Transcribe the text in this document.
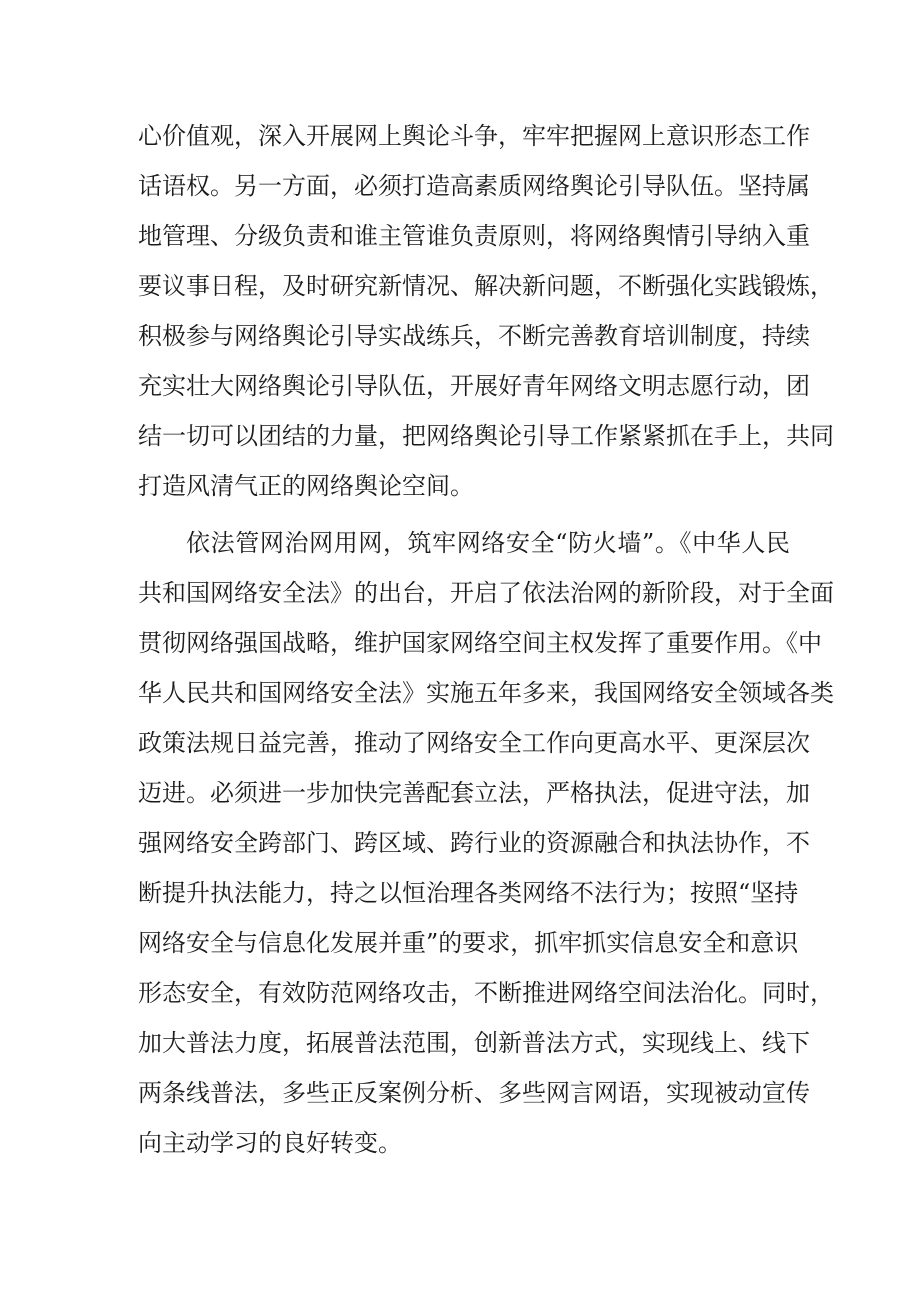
心价值观，深入开展网上舆论斗争，牢牢把握网上意识形态工作
话语权。另一方面，必须打造高素质网络舆论引导队伍。坚持属
地管理、分级负责和谁主管谁负责原则，将网络舆情引导纳入重
要议事日程，及时研究新情况、解决新问题，不断强化实践锻炼，
积极参与网络舆论引导实战练兵，不断完善教育培训制度，持续
充实壮大网络舆论引导队伍，开展好青年网络文明志愿行动，团
结一切可以团结的力量，把网络舆论引导工作紧紧抓在手上，共同
打造风清气正的网络舆论空间。
依法管网治网用网，筑牢网络安全“防火墙”。《中华人民
共和国网络安全法》的出台，开启了依法治网的新阶段，对于全面
贯彻网络强国战略，维护国家网络空间主权发挥了重要作用。《中
华人民共和国网络安全法》实施五年多来，我国网络安全领域各类
政策法规日益完善，推动了网络安全工作向更高水平、更深层次
迈进。必须进一步加快完善配套立法，严格执法，促进守法，加
强网络安全跨部门、跨区域、跨行业的资源融合和执法协作，不
断提升执法能力，持之以恒治理各类网络不法行为；按照“坚持
网络安全与信息化发展并重”的要求，抓牢抓实信息安全和意识
形态安全，有效防范网络攻击，不断推进网络空间法治化。同时，
加大普法力度，拓展普法范围，创新普法方式，实现线上、线下
两条线普法，多些正反案例分析、多些网言网语，实现被动宣传
向主动学习的良好转变。
